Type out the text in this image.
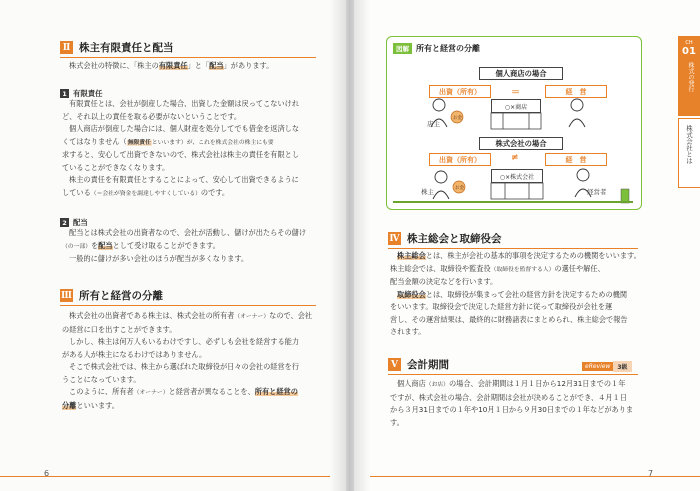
Ⅱ 株主有限責任と配当
株式会社の特徴に、「株主の有限責任」と「配当」があります。
1 有限責任
有限責任とは、会社が倒産した場合、出資した金額は戻ってこないけれ
ど、それ以上の責任を取る必要がないということです。

個人商店が倒産した場合には、個人財産を処分してでも借金を返済しな
くてはなりません（無限責任といいます）が、これを株式会社の株主にも要
求すると、安心して出資できないので、株式会社は株主の責任を有限とし
ていることができなくなります。

株主の責任を有限責任とすることによって、安心して出資できるように
している（＝会社が資金を調達しやすくしている）のです。
2 配当
配当とは株式会社の出資者なので、会社が活動し、儲けが出たらその儲け
（の一部）を配当として受け取ることができます。
一般的に儲けが多い会社のほうが配当が多くなります。
Ⅲ 所有と経営の分離
株式会社の出資者である株主は、株式会社の所有者（オーナー）なので、会社
の経営に口を出すことができます。

しかし、株主は何万人もいるわけですし、必ずしも会社を経営する能力
がある人が株主になるわけではありません。

そこで株式会社では、株主から選ばれた取締役が日々の会社の経営を行
うことになっています。

このように、所有者（オーナー）と経営者が異なることを、所有と経営の
分離といいます。
6
図解 所有と経営の分離
個人商店の場合
出資（所有）	＝	経　営
○×商店
店主
株式会社の場合
出資（所有）	≠	経　営
○×株式会社
株主	経営者
お金
お金
Ⅳ 株主総会と取締役会
株主総会とは、株主が会社の基本的事項を決定するための機関をいいます。
株主総会では、取締役や監査役（取締役を監督する人）の選任や解任、
配当金額の決定などを行います。

取締役会とは、取締役が集まって会社の経営方針を決定するための機関
をいいます。取締役会で決定した経営方針に従って取締役が会社を運
営し、その運営結果は、最終的に財務諸表にまとめられ、株主総会で報告
されます。
Ⅴ 会計期間	eReview	3級
個人商店（お店）の場合、会計期間は１月１日から12月31日までの１年
ですが、株式会社の場合、会計期間は会社が決めることができ、４月１日
から３月31日までの１年や10月１日から９月30日までの１年などがありま
す。
7
CH
01
株式の発行
株式会社とは
